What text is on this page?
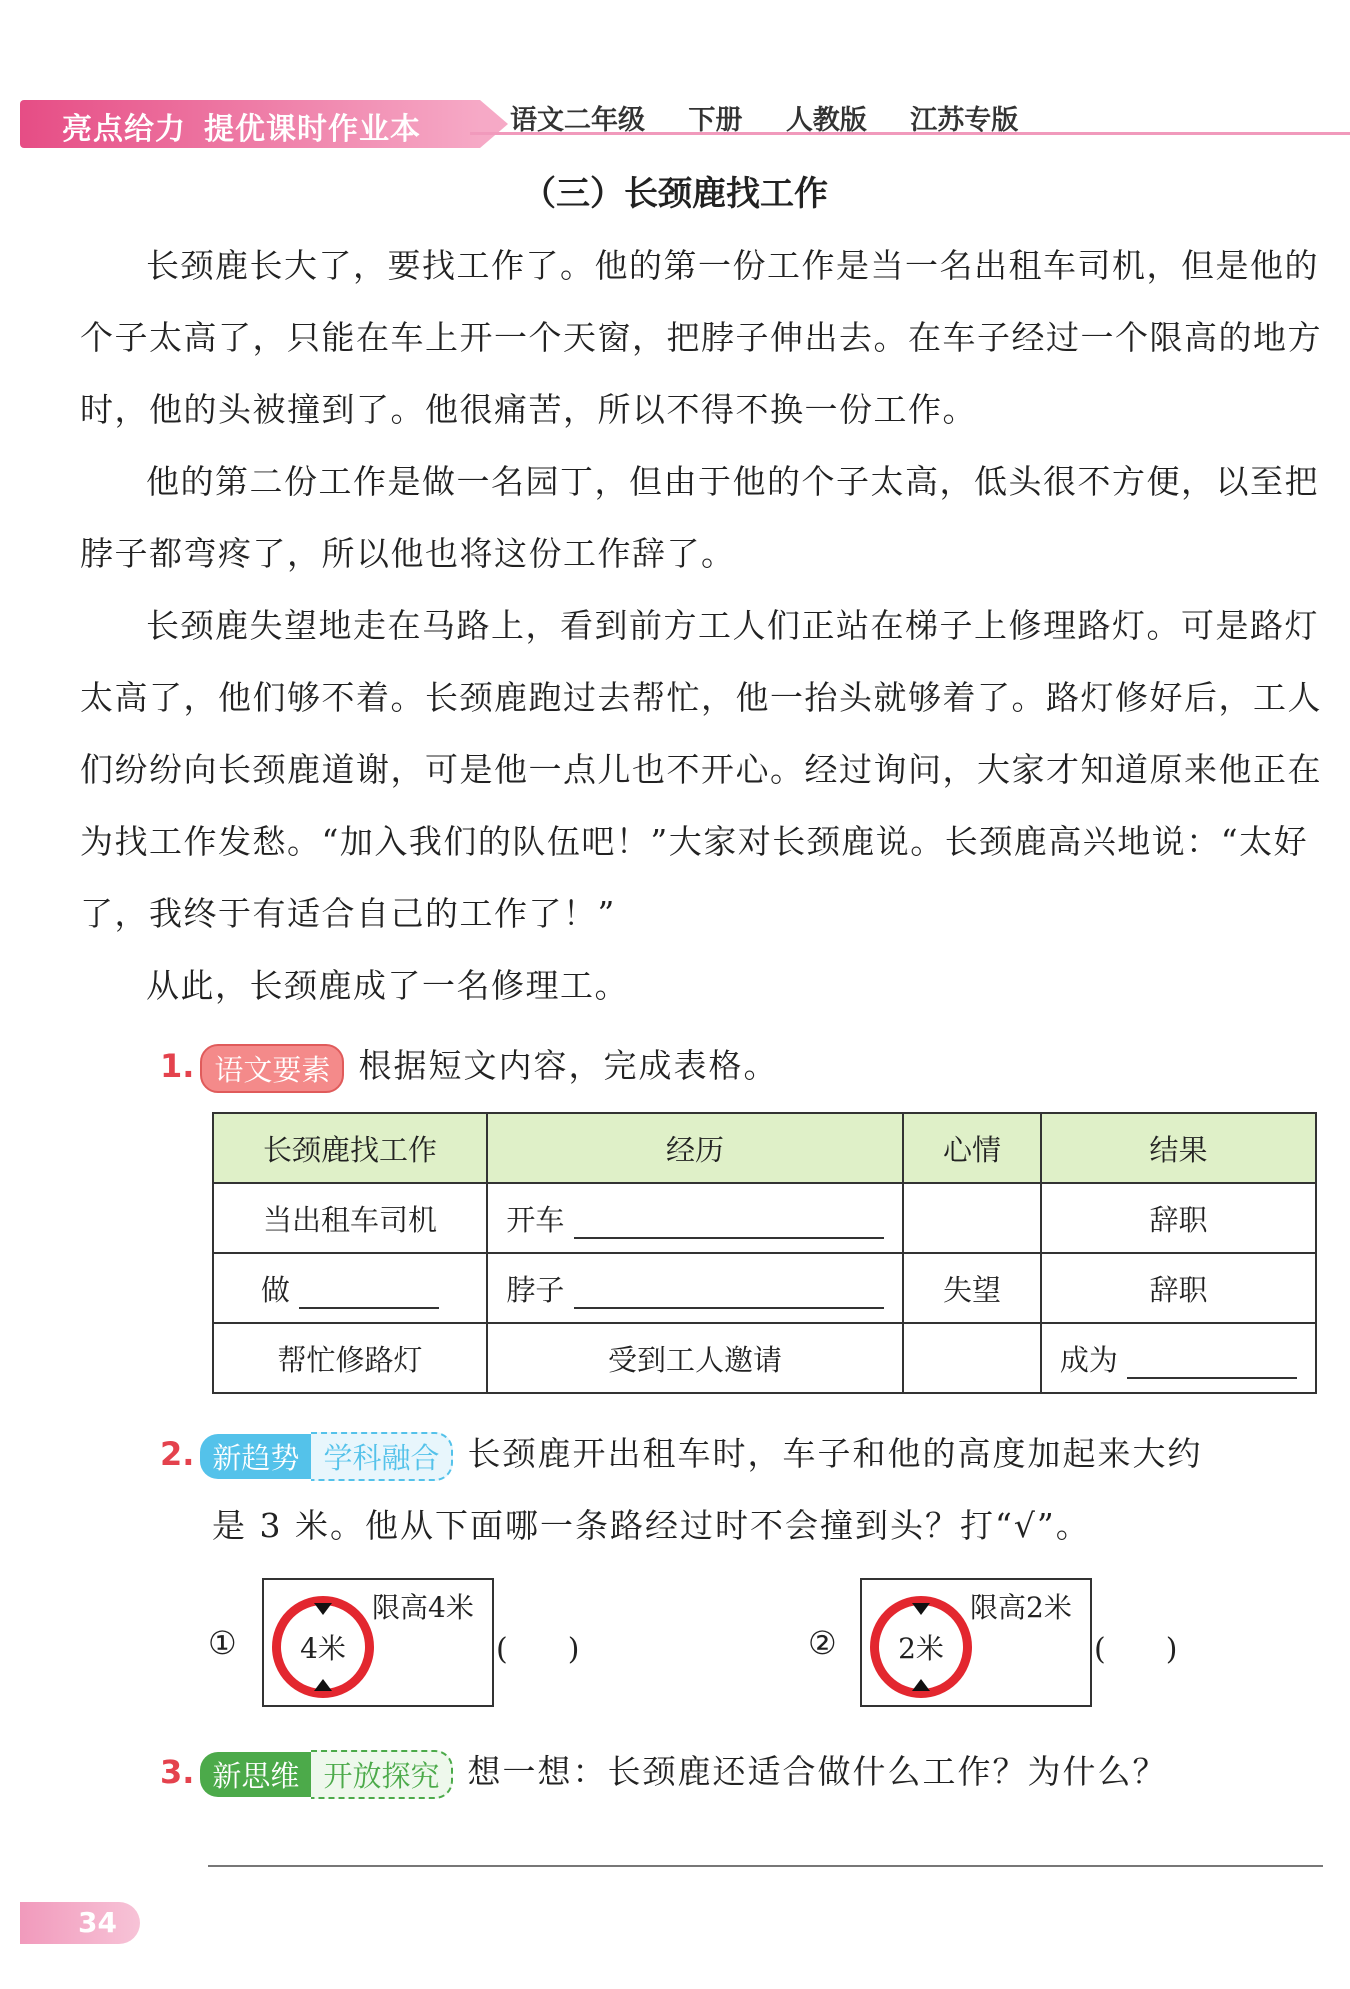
亮点给力 提优课时作业本	语文二年级 下册 人教版 江苏专版
（三）长颈鹿找工作
长颈鹿长大了，要找工作了。他的第一份工作是当一名出租车司机，但是他的个子太高了，只能在车上开一个天窗，把脖子伸出去。在车子经过一个限高的地方时，他的头被撞到了。他很痛苦，所以不得不换一份工作。
他的第二份工作是做一名园丁，但由于他的个子太高，低头很不方便，以至把脖子都弯疼了，所以他也将这份工作辞了。
长颈鹿失望地走在马路上，看到前方工人们正站在梯子上修理路灯。可是路灯太高了，他们够不着。长颈鹿跑过去帮忙，他一抬头就够着了。路灯修好后，工人们纷纷向长颈鹿道谢，可是他一点儿也不开心。经过询问，大家才知道原来他正在为找工作发愁。“加入我们的队伍吧！”大家对长颈鹿说。长颈鹿高兴地说：“太好了，我终于有适合自己的工作了！”
从此，长颈鹿成了一名修理工。
1. 语文要素 根据短文内容，完成表格。
长颈鹿找工作	经历	心情	结果
当出租车司机	开车		辞职
做	脖子	失望	辞职
帮忙修路灯	受到工人邀请		成为
2. 新趋势 学科融合 长颈鹿开出租车时，车子和他的高度加起来大约
是 3 米。他从下面哪一条路经过时不会撞到头？打“√”。
① 4米
限高4米
(　　)	② 2米
限高2米
(　　)
3. 新思维 开放探究 想一想：长颈鹿还适合做什么工作？为什么？
34
